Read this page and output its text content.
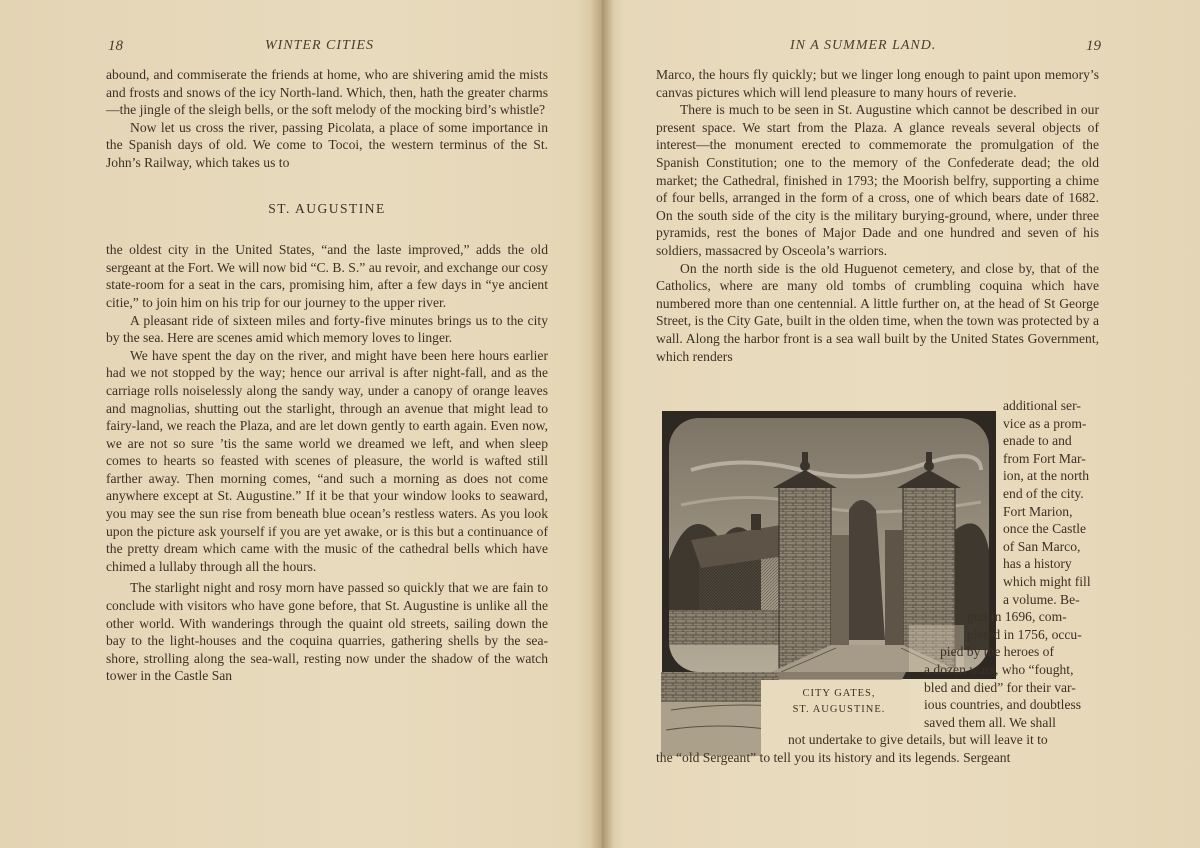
18	WINTER CITIES

abound, and commiserate the friends at home, who are shivering amid the mists and frosts and snows of the icy North-land. Which, then, hath the greater charms—the jingle of the sleigh bells, or the soft melody of the mocking bird’s whistle?

Now let us cross the river, passing Picolata, a place of some importance in the Spanish days of old. We come to Tocoi, the western terminus of the St. John’s Railway, which takes us to

ST. AUGUSTINE

the oldest city in the United States, “and the laste improved,” adds the old sergeant at the Fort. We will now bid “C. B. S.” au revoir, and exchange our cosy state-room for a seat in the cars, promising him, after a few days in “ye ancient citie,” to join him on his trip for our journey to the upper river.

A pleasant ride of sixteen miles and forty-five minutes brings us to the city by the sea. Here are scenes amid which memory loves to linger.

We have spent the day on the river, and might have been here hours earlier had we not stopped by the way; hence our arrival is after night-fall, and as the carriage rolls noiselessly along the sandy way, under a canopy of orange leaves and magnolias, shutting out the starlight, through an avenue that might lead to fairy-land, we reach the Plaza, and are let down gently to earth again. Even now, we are not so sure ’tis the same world we dreamed we left, and when sleep comes to hearts so feasted with scenes of pleasure, the world is wafted still farther away. Then morning comes, “and such a morning as does not come anywhere except at St. Augustine.” If it be that your window looks to seaward, you may see the sun rise from beneath blue ocean’s restless waters. As you look upon the picture ask yourself if you are yet awake, or is this but a continuance of the pretty dream which came with the music of the cathedral bells which have chimed a lullaby through all the hours.

The starlight night and rosy morn have passed so quickly that we are fain to conclude with visitors who have gone before, that St. Augustine is unlike all the other world. With wanderings through the quaint old streets, sailing down the bay to the light-houses and the coquina quarries, gathering shells by the sea-shore, strolling along the sea-wall, resting now under the shadow of the watch tower in the Castle San

19
IN A SUMMER LAND.

Marco, the hours fly quickly; but we linger long enough to paint upon memory’s canvas pictures which will lend pleasure to many hours of reverie.

There is much to be seen in St. Augustine which cannot be described in our present space. We start from the Plaza. A glance reveals several objects of interest—the monument erected to commemorate the promulgation of the Spanish Constitution; one to the memory of the Confederate dead; the old market; the Cathedral, finished in 1793; the Moorish belfry, supporting a chime of four bells, arranged in the form of a cross, one of which bears date of 1682. On the south side of the city is the military burying-ground, where, under three pyramids, rest the bones of Major Dade and one hundred and seven of his soldiers, massacred by Osceola’s warriors.

On the north side is the old Huguenot cemetery, and close by, that of the Catholics, where are many old tombs of crumbling coquina which have numbered more than one centennial. A little further on, at the head of St George Street, is the City Gate, built in the olden time, when the town was protected by a wall. Along the harbor front is a sea wall built by the United States Government, which renders

CITY GATES,
ST. AUGUSTINE.
additional ser-
vice as a prom-
enade to and
from Fort Mar-
ion, at the north
end of the city.
Fort Marion,
once the Castle
of San Marco,
has a history
which might fill
a volume. Be-
gun in 1696, com-
pleted in 1756, occu-
pied by the heroes of
a dozen wars, who “fought,
bled and died” for their var-
ious countries, and doubtless
saved them all. We shall
not undertake to give details, but will leave it to
the “old Sergeant” to tell you its history and its legends. Sergeant
